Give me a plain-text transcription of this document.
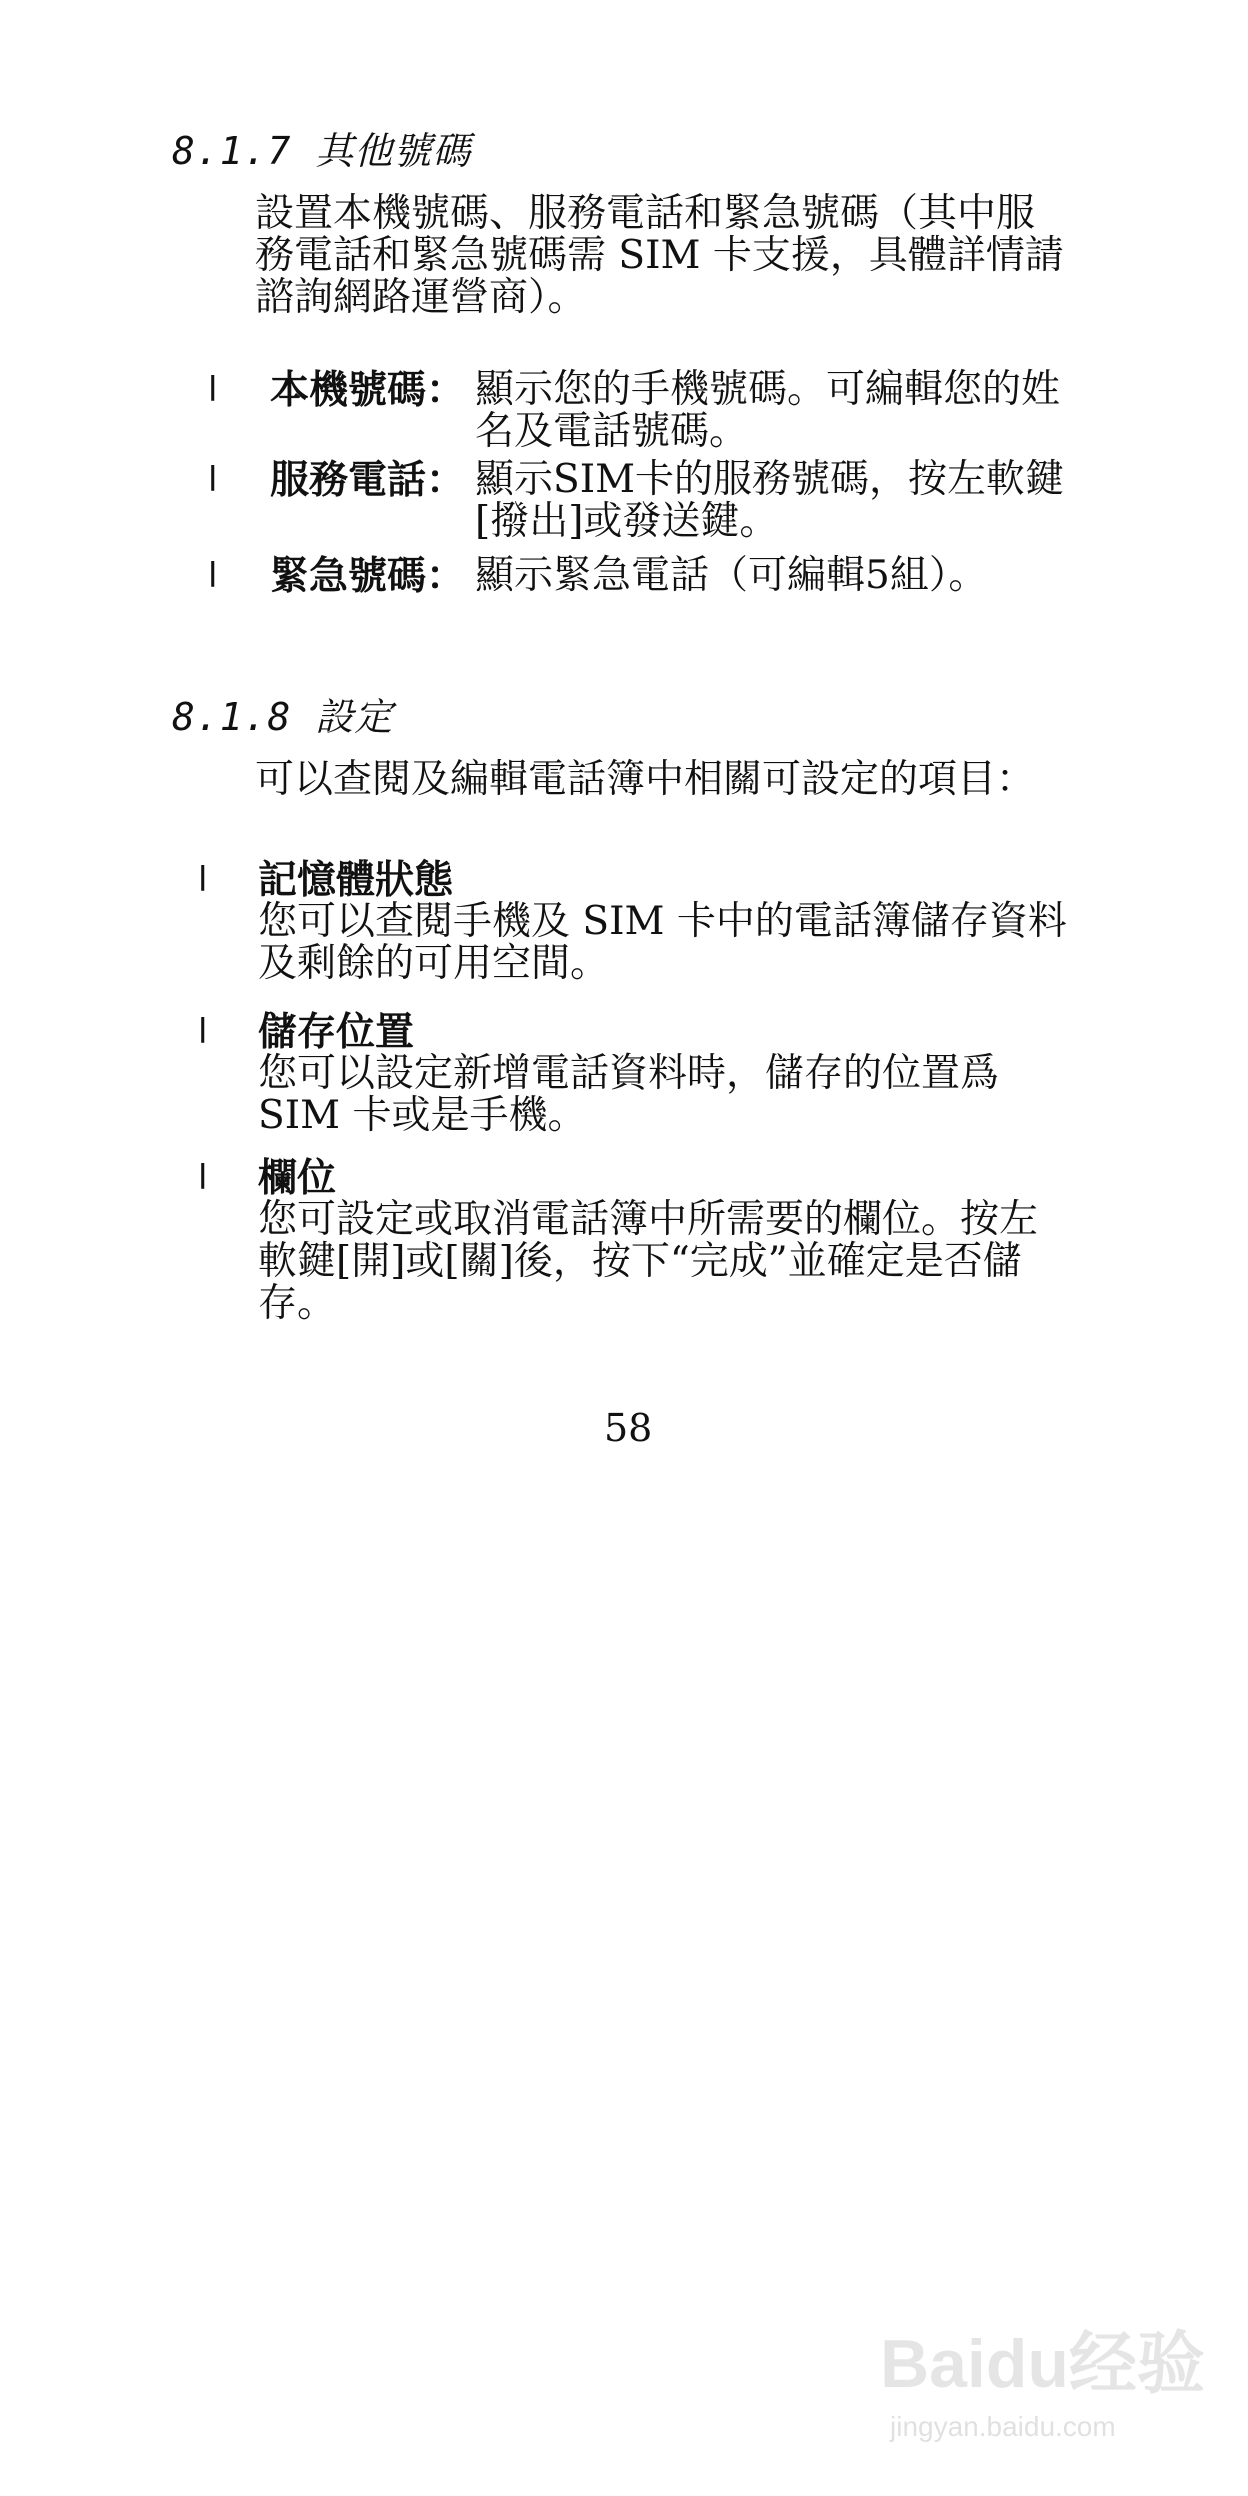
8.1.7 其他號碼
設置本機號碼、服務電話和緊急號碼（其中服
務電話和緊急號碼需 SIM 卡支援，具體詳情請
諮詢網路運營商）。
l 本機號碼： 顯示您的手機號碼。可編輯您的姓
名及電話號碼。
l 服務電話： 顯示SIM卡的服務號碼，按左軟鍵
[撥出]或發送鍵。
l 緊急號碼： 顯示緊急電話（可編輯5組）。
8.1.8 設定
可以查閱及編輯電話簿中相關可設定的項目：
l 記憶體狀態
您可以查閱手機及 SIM 卡中的電話簿儲存資料
及剩餘的可用空間。
l 儲存位置
您可以設定新增電話資料時，儲存的位置爲
SIM 卡或是手機。
l 欄位
您可設定或取消電話簿中所需要的欄位。按左
軟鍵[開]或[關]後，按下“完成”並確定是否儲
存。
58
Baidu经验
jingyan.baidu.com
